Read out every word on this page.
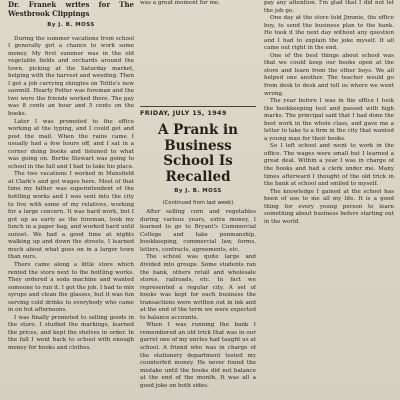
Dr. Franek writes for The Westbrook Clippings
By J. B. MOSS

During the summer vacations from school I generally got a chance to work some money. My first summer was in the old vegetable fields and orchards around the town, picking at the Saturday market, helping with the harvest and weeding. Then I got a job carrying shingles on Tottle's new sawmill. Hearty Potter was foreman and the two were the friends worked there. The pay was 8 cents an hour and 5 cents on the books.

Later I was promoted to the office working at the typing, and I could get and post the mail. When the rains came I usually had a few hours off, and I sat in a corner doing books and listened to what was going on. Bertie Stewart was going to school in the fall and I had to take his place.

The two vacations I worked in Mansfield at Clark's and got wages here. Most of that time my father was superintendent of the bottling works and I was sent into the city to live with some of my relatives, working for a large concern. It was hard work, but I got up as early as the foreman, took my lunch in a paper bag, and worked hard until sunset. We had a good time at nights walking up and down the streets. I learned much about what goes on in a larger town than ours.

There came along a little store which rented the store next to the bottling works. They ordered a soda machine and wanted someone to run it. I got the job. I had to mix syrups and clean the glasses, but it was fun serving cold drinks to everybody who came in on hot afternoons.

I was finally promoted to selling goods in the store. I studied the markings, learned the prices, and kept the shelves in order. In the fall I went back to school with enough money for books and clothes.

was a great moment for me.

FRIDAY, JULY 15, 1949
A Prank in Business School Is Recalled
By J. B. MOSS
(Continued from last week)

After selling corn and vegetables during various years, extra money, I learned to go to Bryant's Commercial College and take penmanship, bookkeeping, commercial law, forms, letters, contracts, agreements, etc.

The school was quite large and divided into groups. Some students ran the bank, others retail and wholesale stores, railroads, etc. In fact we represented a regular city. A set of books was kept for each business the transactions were written out in ink and at the end of the term we were expected to balance accounts.

When I was running the bank I remembered an old trick that was in our garret one of my uncles had taught us at school. A friend who was in charge of the stationery department tested my counterfeit money. He never found the mistake until the books did not balance at the end of the month. It was all a good joke on both sides.

pay any attention. I'm glad that I did not let the job go.

One day at the store told Jimmie, the office boy, to send the business plan to the bank. He took it the next day without any question and I had to explain the joke myself. It all came out right in the end.

One of the best things about school was that we could keep our books open at the store and learn from the other boys. We all helped one another. The teacher would go from desk to desk and tell us where we went wrong.

The year before I was in the office I took the bookkeeping test and passed with high marks. The principal said that I had done the best work in the whole class, and gave me a letter to take to a firm in the city that wanted a young man for their books.

So I left school and went to work in the office. The wages were small but I learned a great deal. Within a year I was in charge of the books and had a clerk under me. Many times afterward I thought of the old trick in the bank at school and smiled to myself.

The knowledge I gained at the school has been of use to me all my life. It is a good thing for every young person to learn something about business before starting out in the world.
